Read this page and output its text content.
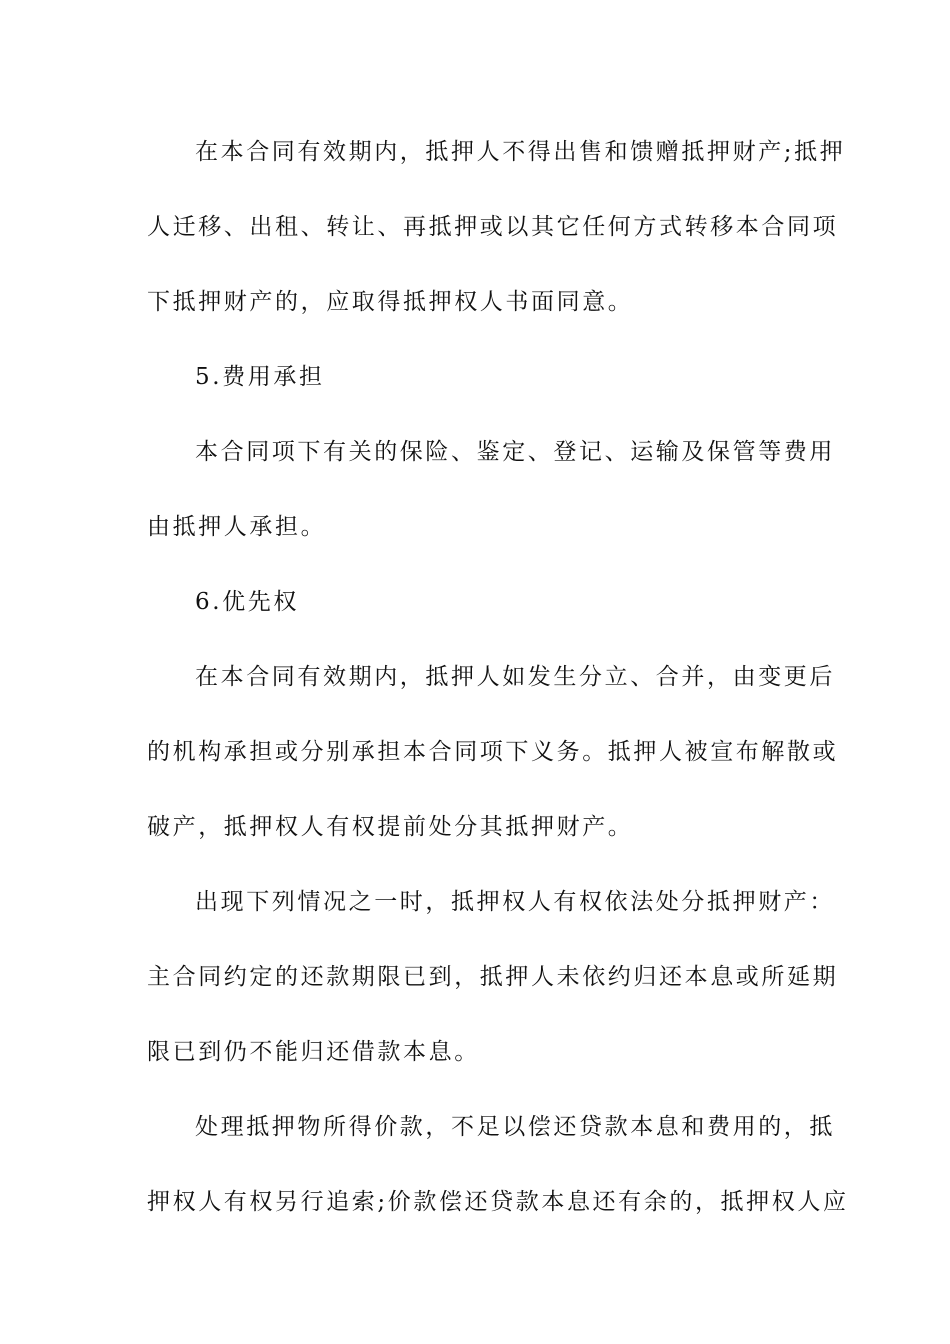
在本合同有效期内，抵押人不得出售和馈赠抵押财产;抵押
人迁移、出租、转让、再抵押或以其它任何方式转移本合同项
下抵押财产的，应取得抵押权人书面同意。
5.费用承担
本合同项下有关的保险、鉴定、登记、运输及保管等费用
由抵押人承担。
6.优先权
在本合同有效期内，抵押人如发生分立、合并，由变更后
的机构承担或分别承担本合同项下义务。抵押人被宣布解散或
破产，抵押权人有权提前处分其抵押财产。
出现下列情况之一时，抵押权人有权依法处分抵押财产：
主合同约定的还款期限已到，抵押人未依约归还本息或所延期
限已到仍不能归还借款本息。
处理抵押物所得价款，不足以偿还贷款本息和费用的，抵
押权人有权另行追索;价款偿还贷款本息还有余的，抵押权人应
